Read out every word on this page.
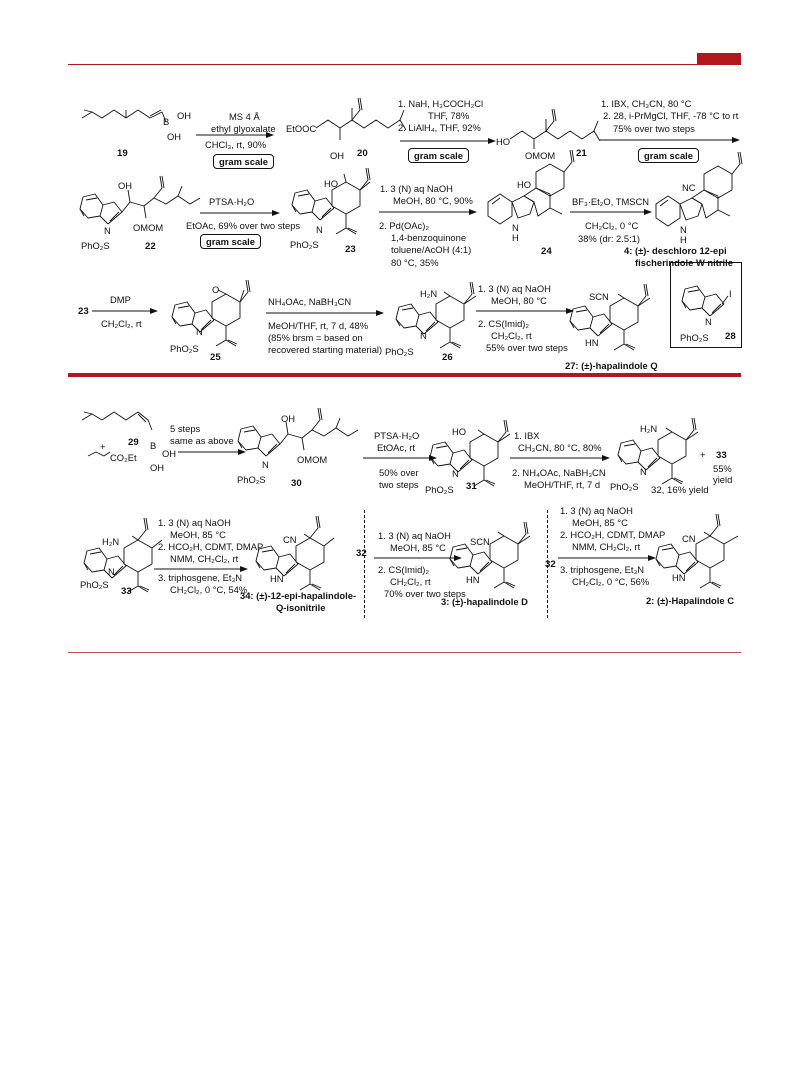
B
OH
OH
19
MS 4 Å
ethyl glyoxalate
CHCl₃, rt, 90%
gram scale
EtOOC
OH 20
1. NaH, H₃COCH₂Cl
THF, 78%
2. LiAlH₄, THF, 92%
gram scale
HO
OMOM 21
1. IBX, CH₃CN, 80 °C
2. 28, i-PrMgCl, THF, -78 °C to rt
75% over two steps
gram scale
OH
OMOM
N
PhO₂S	22
PTSA·H₂O
EtOAc, 69% over two steps
gram scale
HO
N
PhO₂S	23
1. 3 (N) aq NaOH
MeOH, 80 °C, 90%
2. Pd(OAc)₂
1,4-benzoquinone
toluene/AcOH (4:1)
80 °C, 35%
HO
N
H
24
BF₃·Et₂O, TMSCN
CH₂Cl₂, 0 °C
38% (dr: 2.5:1)
NC
N
H
4: (±)- deschloro 12-epi
fischerindole W nitrile
23
DMP
CH₂Cl₂, rt
O
N
PhO₂S
25
NH₄OAc, NaBH₃CN
MeOH/THF, rt, 7 d, 48%
(85% brsm = based on
recovered starting material)
H₂N
N
PhO₂S
26
1. 3 (N) aq NaOH
MeOH, 80 °C
2. CS(Imid)₂
CH₂Cl₂, rt
55% over two steps
SCN
HN
27: (±)-hapalindole Q
I
N
PhO₂S 28
+ 29 B
OH
OH
CO₂Et
5 steps
same as above
OH
OMOM
N
PhO₂S	30
PTSA·H₂O
EtOAc, rt
50% over
two steps
HO
N
PhO₂S 31
1. IBX
CH₃CN, 80 °C, 80%
2. NH₄OAc, NaBH₃CN
MeOH/THF, rt, 7 d
H₂N
N
PhO₂S 32, 16% yield
+ 33
55%
yield
H₂N
N
PhO₂S
33
1. 3 (N) aq NaOH
MeOH, 85 °C
2. HCO₂H, CDMT, DMAP
NMM, CH₂Cl₂, rt
3. triphosgene, Et₃N
CH₂Cl₂, 0 °C, 54%
CN
HN
34: (±)-12-epi-hapalindole-
Q-isonitrile
32
1. 3 (N) aq NaOH
MeOH, 85 °C
2. CS(Imid)₂
CH₂Cl₂, rt
70% over two steps
SCN
HN
3: (±)-hapalindole D
32
1. 3 (N) aq NaOH
MeOH, 85 °C
2. HCO₂H, CDMT, DMAP
NMM, CH₂Cl₂, rt
3. triphosgene, Et₃N
CH₂Cl₂, 0 °C, 56%
CN
HN
2: (±)-Hapalindole C
